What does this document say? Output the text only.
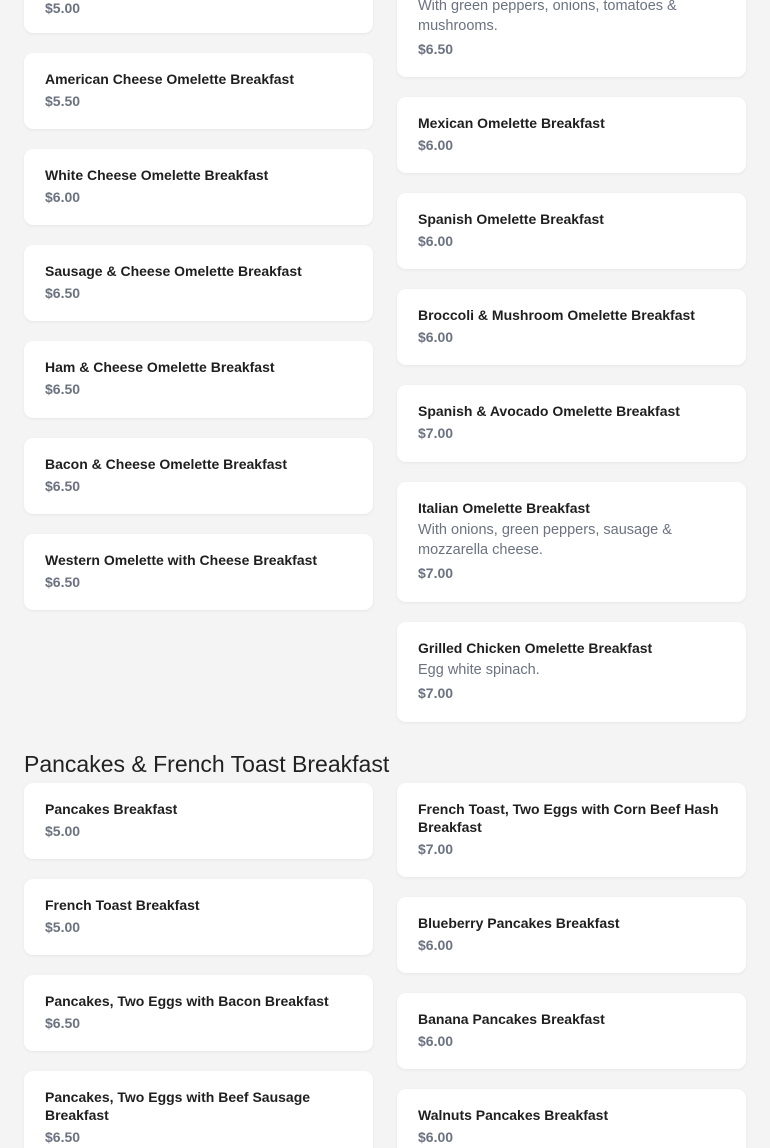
$5.00	With green peppers, onions, tomatoes & mushrooms.
$6.50
American Cheese Omelette Breakfast
$5.50
White Cheese Omelette Breakfast
$6.00
Sausage & Cheese Omelette Breakfast
$6.50
Ham & Cheese Omelette Breakfast
$6.50
Bacon & Cheese Omelette Breakfast
$6.50
Western Omelette with Cheese Breakfast
$6.50
Mexican Omelette Breakfast
$6.00
Spanish Omelette Breakfast
$6.00
Broccoli & Mushroom Omelette Breakfast
$6.00
Spanish & Avocado Omelette Breakfast
$7.00
Italian Omelette Breakfast
With onions, green peppers, sausage & mozzarella cheese.
$7.00
Grilled Chicken Omelette Breakfast
Egg white spinach.
$7.00
Pancakes & French Toast Breakfast
Pancakes Breakfast
$5.00
French Toast Breakfast
$5.00
Pancakes, Two Eggs with Bacon Breakfast
$6.50
Pancakes, Two Eggs with Beef Sausage Breakfast
$6.50
French Toast, Two Eggs with Corn Beef Hash Breakfast
$7.00
Blueberry Pancakes Breakfast
$6.00
Banana Pancakes Breakfast
$6.00
Walnuts Pancakes Breakfast
$6.00
